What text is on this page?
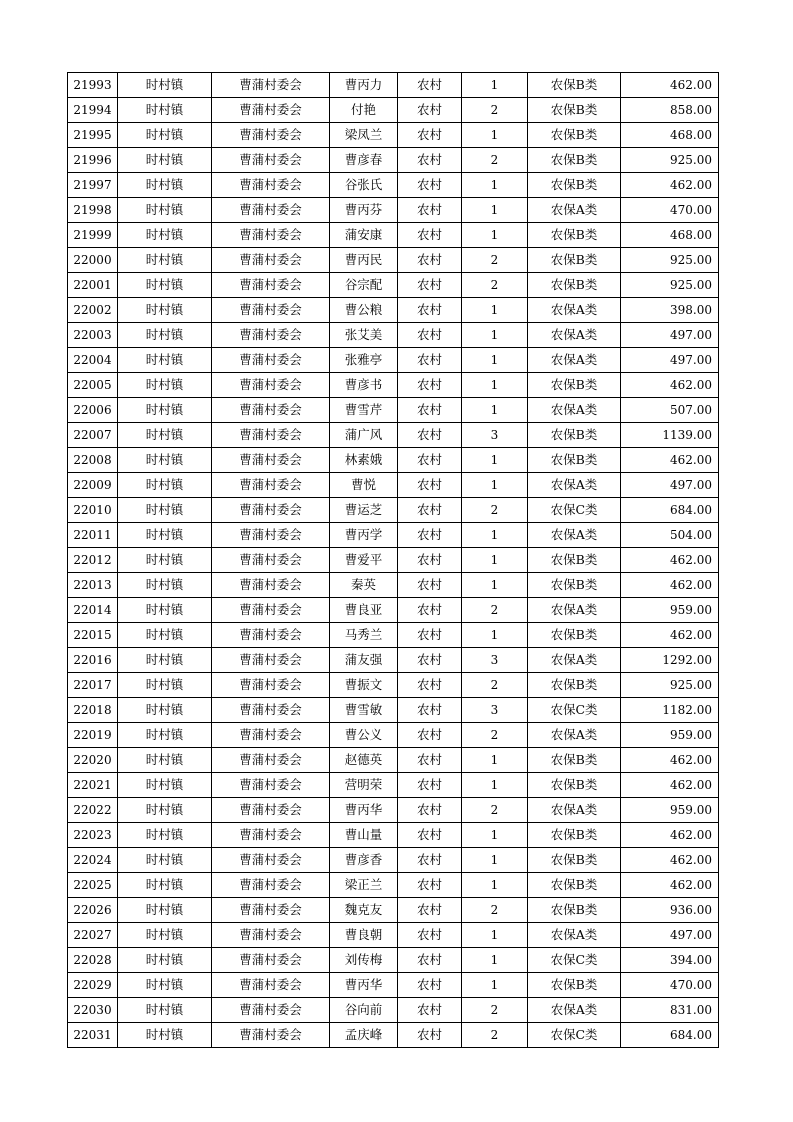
21993	时村镇	曹蒲村委会	曹丙力	农村	1	农保B类	462.00
21994	时村镇	曹蒲村委会	付艳	农村	2	农保B类	858.00
21995	时村镇	曹蒲村委会	梁凤兰	农村	1	农保B类	468.00
21996	时村镇	曹蒲村委会	曹彦春	农村	2	农保B类	925.00
21997	时村镇	曹蒲村委会	谷张氏	农村	1	农保B类	462.00
21998	时村镇	曹蒲村委会	曹丙芬	农村	1	农保A类	470.00
21999	时村镇	曹蒲村委会	蒲安康	农村	1	农保B类	468.00
22000	时村镇	曹蒲村委会	曹丙民	农村	2	农保B类	925.00
22001	时村镇	曹蒲村委会	谷宗配	农村	2	农保B类	925.00
22002	时村镇	曹蒲村委会	曹公粮	农村	1	农保A类	398.00
22003	时村镇	曹蒲村委会	张艾美	农村	1	农保A类	497.00
22004	时村镇	曹蒲村委会	张雅亭	农村	1	农保A类	497.00
22005	时村镇	曹蒲村委会	曹彦书	农村	1	农保B类	462.00
22006	时村镇	曹蒲村委会	曹雪芹	农村	1	农保A类	507.00
22007	时村镇	曹蒲村委会	蒲广风	农村	3	农保B类	1139.00
22008	时村镇	曹蒲村委会	林素娥	农村	1	农保B类	462.00
22009	时村镇	曹蒲村委会	曹悦	农村	1	农保A类	497.00
22010	时村镇	曹蒲村委会	曹运芝	农村	2	农保C类	684.00
22011	时村镇	曹蒲村委会	曹丙学	农村	1	农保A类	504.00
22012	时村镇	曹蒲村委会	曹爱平	农村	1	农保B类	462.00
22013	时村镇	曹蒲村委会	秦英	农村	1	农保B类	462.00
22014	时村镇	曹蒲村委会	曹良亚	农村	2	农保A类	959.00
22015	时村镇	曹蒲村委会	马秀兰	农村	1	农保B类	462.00
22016	时村镇	曹蒲村委会	蒲友强	农村	3	农保A类	1292.00
22017	时村镇	曹蒲村委会	曹振文	农村	2	农保B类	925.00
22018	时村镇	曹蒲村委会	曹雪敏	农村	3	农保C类	1182.00
22019	时村镇	曹蒲村委会	曹公义	农村	2	农保A类	959.00
22020	时村镇	曹蒲村委会	赵德英	农村	1	农保B类	462.00
22021	时村镇	曹蒲村委会	营明荣	农村	1	农保B类	462.00
22022	时村镇	曹蒲村委会	曹丙华	农村	2	农保A类	959.00
22023	时村镇	曹蒲村委会	曹山量	农村	1	农保B类	462.00
22024	时村镇	曹蒲村委会	曹彦香	农村	1	农保B类	462.00
22025	时村镇	曹蒲村委会	梁正兰	农村	1	农保B类	462.00
22026	时村镇	曹蒲村委会	魏克友	农村	2	农保B类	936.00
22027	时村镇	曹蒲村委会	曹良朝	农村	1	农保A类	497.00
22028	时村镇	曹蒲村委会	刘传梅	农村	1	农保C类	394.00
22029	时村镇	曹蒲村委会	曹丙华	农村	1	农保B类	470.00
22030	时村镇	曹蒲村委会	谷向前	农村	2	农保A类	831.00
22031	时村镇	曹蒲村委会	孟庆峰	农村	2	农保C类	684.00
